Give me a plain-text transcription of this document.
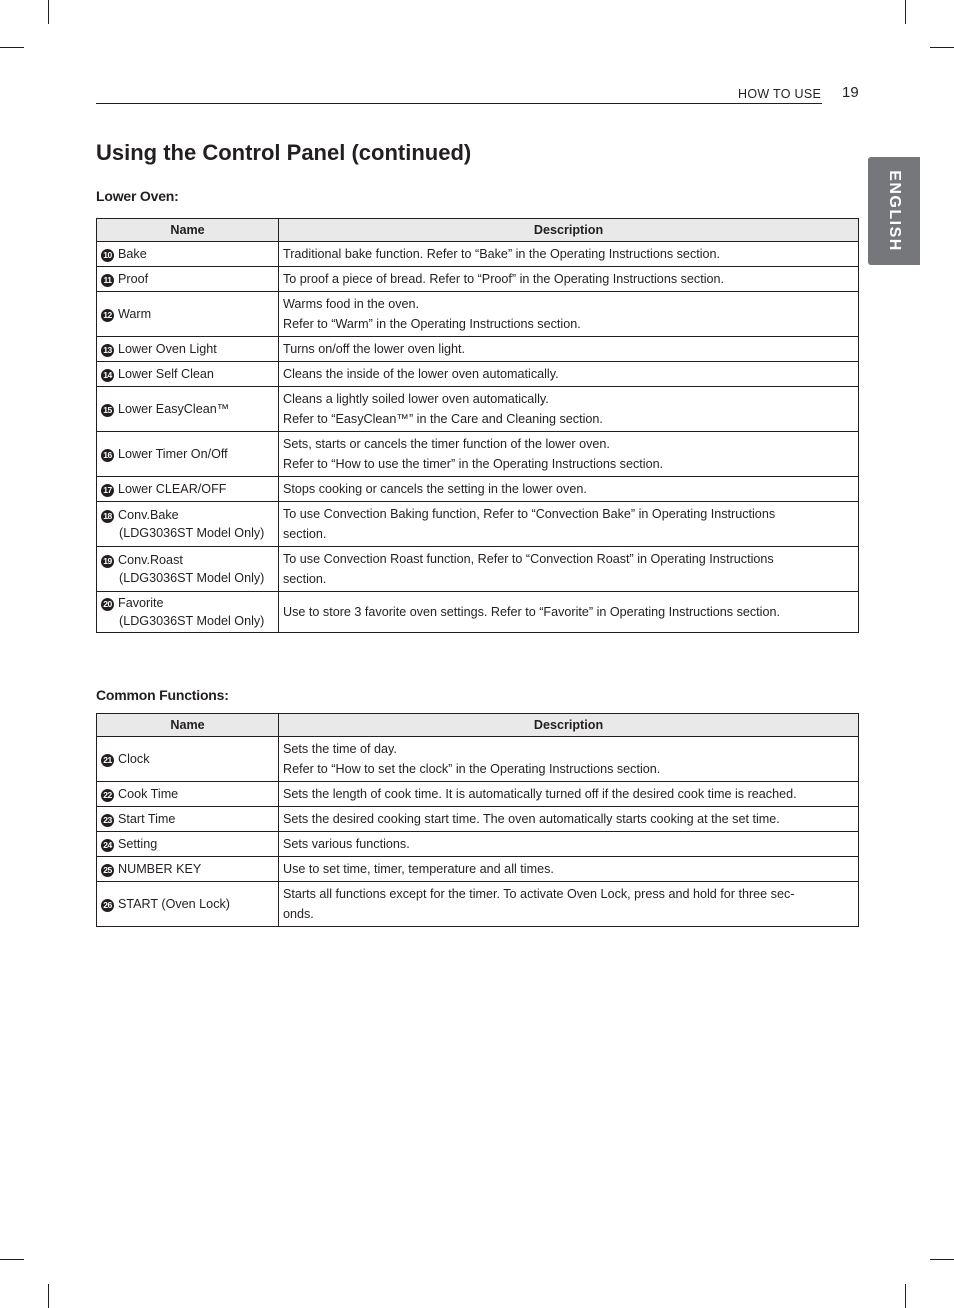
HOW TO USE 19
ENGLISH
Using the Control Panel (continued)
Lower Oven:
Name	Description

10 Bake	Traditional bake function. Refer to “Bake” in the Operating Instructions section.

11 Proof	To proof a piece of bread. Refer to “Proof” in the Operating Instructions section.

12 Warm	Warms food in the oven.
Refer to “Warm” in the Operating Instructions section.

13 Lower Oven Light	Turns on/off the lower oven light.

14 Lower Self Clean	Cleans the inside of the lower oven automatically.

15 Lower EasyClean™	Cleans a lightly soiled lower oven automatically.
Refer to “EasyClean™” in the Care and Cleaning section.

16 Lower Timer On/Off	Sets, starts or cancels the timer function of the lower oven.
Refer to “How to use the timer” in the Operating Instructions section.

17 Lower CLEAR/OFF	Stops cooking or cancels the setting in the lower oven.

18 Conv.Bake
(LDG3036ST Model Only)	To use Convection Baking function, Refer to “Convection Bake” in Operating Instructions
section.

19 Conv.Roast
(LDG3036ST Model Only)	To use Convection Roast function, Refer to “Convection Roast” in Operating Instructions
section.

20 Favorite
(LDG3036ST Model Only)	Use to store 3 favorite oven settings. Refer to “Favorite” in Operating Instructions section.
Common Functions:
Name	Description

21 Clock	Sets the time of day.
Refer to “How to set the clock” in the Operating Instructions section.

22 Cook Time	Sets the length of cook time. It is automatically turned off if the desired cook time is reached.

23 Start Time	Sets the desired cooking start time. The oven automatically starts cooking at the set time.

24 Setting	Sets various functions.

25 NUMBER KEY	Use to set time, timer, temperature and all times.

26 START (Oven Lock)	Starts all functions except for the timer. To activate Oven Lock, press and hold for three sec-
onds.
